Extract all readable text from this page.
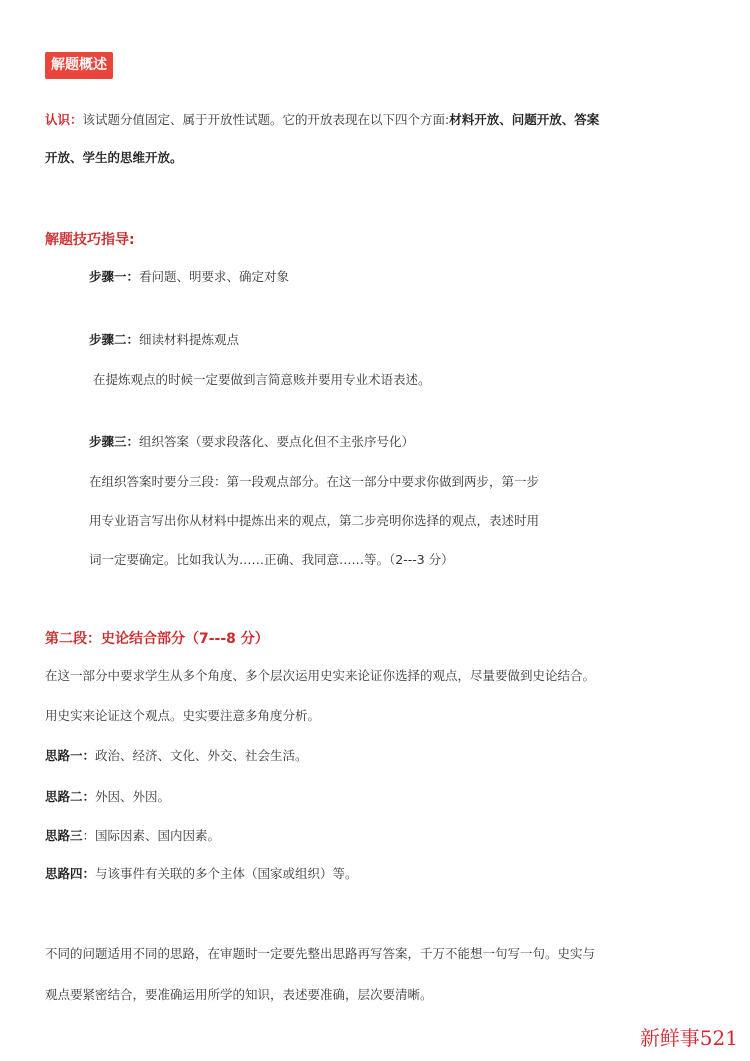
解题概述
认识：该试题分值固定、属于开放性试题。它的开放表现在以下四个方面:材料开放、问题开放、答案
开放、学生的思维开放。
解题技巧指导:
步骤一：看问题、明要求、确定对象
步骤二：细读材料提炼观点
在提炼观点的时候一定要做到言简意赅并要用专业术语表述。
步骤三：组织答案（要求段落化、要点化但不主张序号化）
在组织答案时要分三段：第一段观点部分。在这一部分中要求你做到两步，第一步
用专业语言写出你从材料中提炼出来的观点，第二步亮明你选择的观点，表述时用
词一定要确定。比如我认为……正确、我同意……等。（2---3 分）
第二段：史论结合部分（7---8 分）
在这一部分中要求学生从多个角度、多个层次运用史实来论证你选择的观点，尽量要做到史论结合。
用史实来论证这个观点。史实要注意多角度分析。
思路一：政治、经济、文化、外交、社会生活。
思路二：外因、外因。
思路三：国际因素、国内因素。
思路四：与该事件有关联的多个主体（国家或组织）等。
不同的问题适用不同的思路，在审题时一定要先整出思路再写答案，千万不能想一句写一句。史实与
观点要紧密结合，要准确运用所学的知识，表述要准确，层次要清晰。
新鲜事521
